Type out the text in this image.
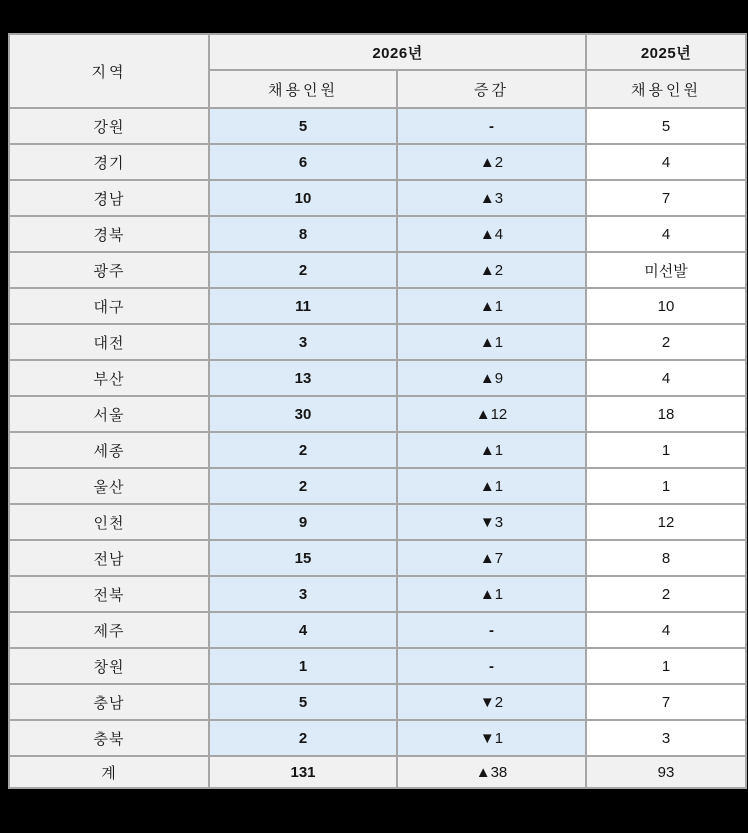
지역	2026년		2025년
	채용인원	증감	채용인원
강원	5	-	5
경기	6	▲2	4
경남	10	▲3	7
경북	8	▲4	4
광주	2	▲2	미선발
대구	11	▲1	10
대전	3	▲1	2
부산	13	▲9	4
서울	30	▲12	18
세종	2	▲1	1
울산	2	▲1	1
인천	9	▼3	12
전남	15	▲7	8
전북	3	▲1	2
제주	4	-	4
창원	1	-	1
충남	5	▼2	7
충북	2	▼1	3
계	131	▲38	93
